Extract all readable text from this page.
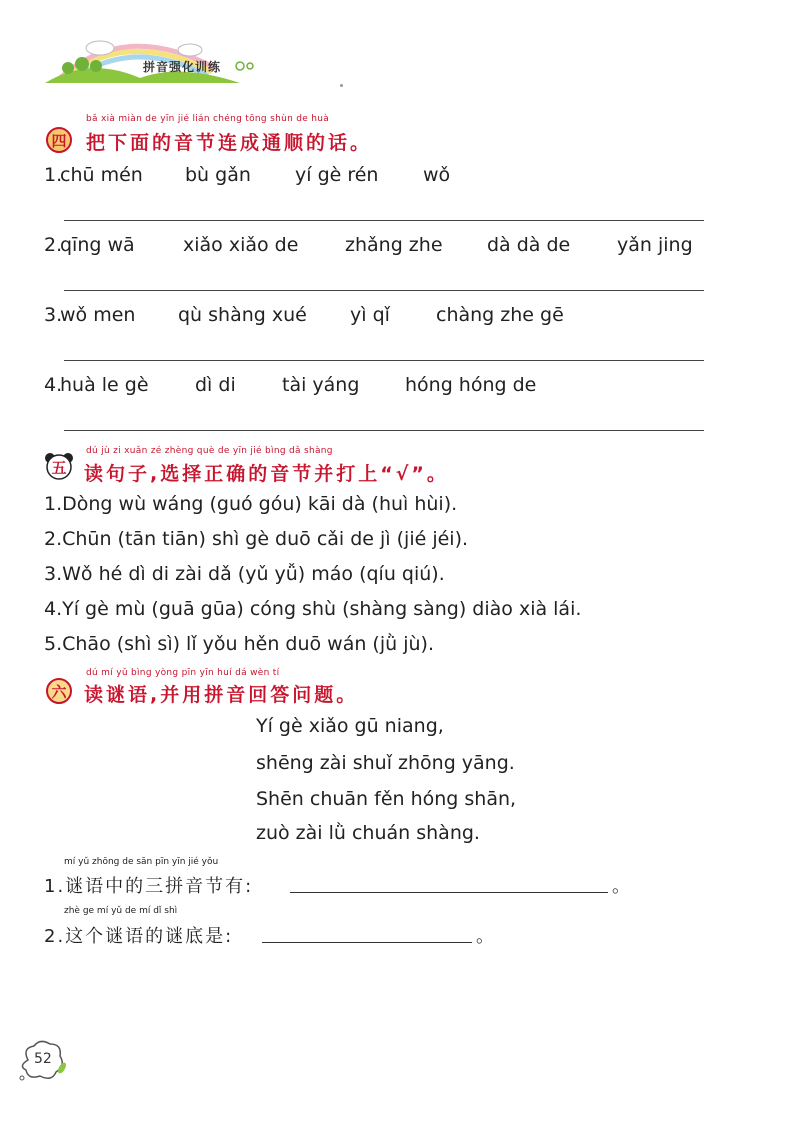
拼音强化训练
bǎ xià miàn de yīn jié lián chéng tōng shùn de huà
四 把下面的音节连成通顺的话。
1.
chū mén bù gǎn yí gè rén wǒ
2.
qīng wā	xiǎo xiǎo de zhǎng zhe dà dà de yǎn jing
3.
wǒ men qù shàng xué yì qǐ chàng zhe gē
4.
huà le gè dì di tài yáng hóng hóng de
dú jù zi xuǎn zé zhèng què de yīn jié bìng dǎ shàng
五 读句子,选择正确的音节并打上“√”。
1.Dòng wù wáng (guó góu) kāi dà (huì hùi).
2.Chūn (tān tiān) shì gè duō cǎi de jì (jié jéi).
3.Wǒ hé dì di zài dǎ (yǔ yǚ) máo (qíu qiú).
4.Yí gè mù (guā gūa) cóng shù (shàng sàng) diào xià lái.
5.Chāo (shì sì) lǐ yǒu hěn duō wán (jǜ jù).
dú mí yǔ bìng yòng pīn yīn huí dá wèn tí
六 读谜语,并用拼音回答问题。
Yí gè xiǎo gū niang,
shēng zài shuǐ zhōng yāng.
Shēn chuān fěn hóng shān,
zuò zài lǜ chuán shàng.
mí yǔ zhōng de sān pīn yīn jié yǒu
1.谜语中的三拼音节有:	。
zhè ge mí yǔ de mí dǐ shì
2.这个谜语的谜底是:	。
52
